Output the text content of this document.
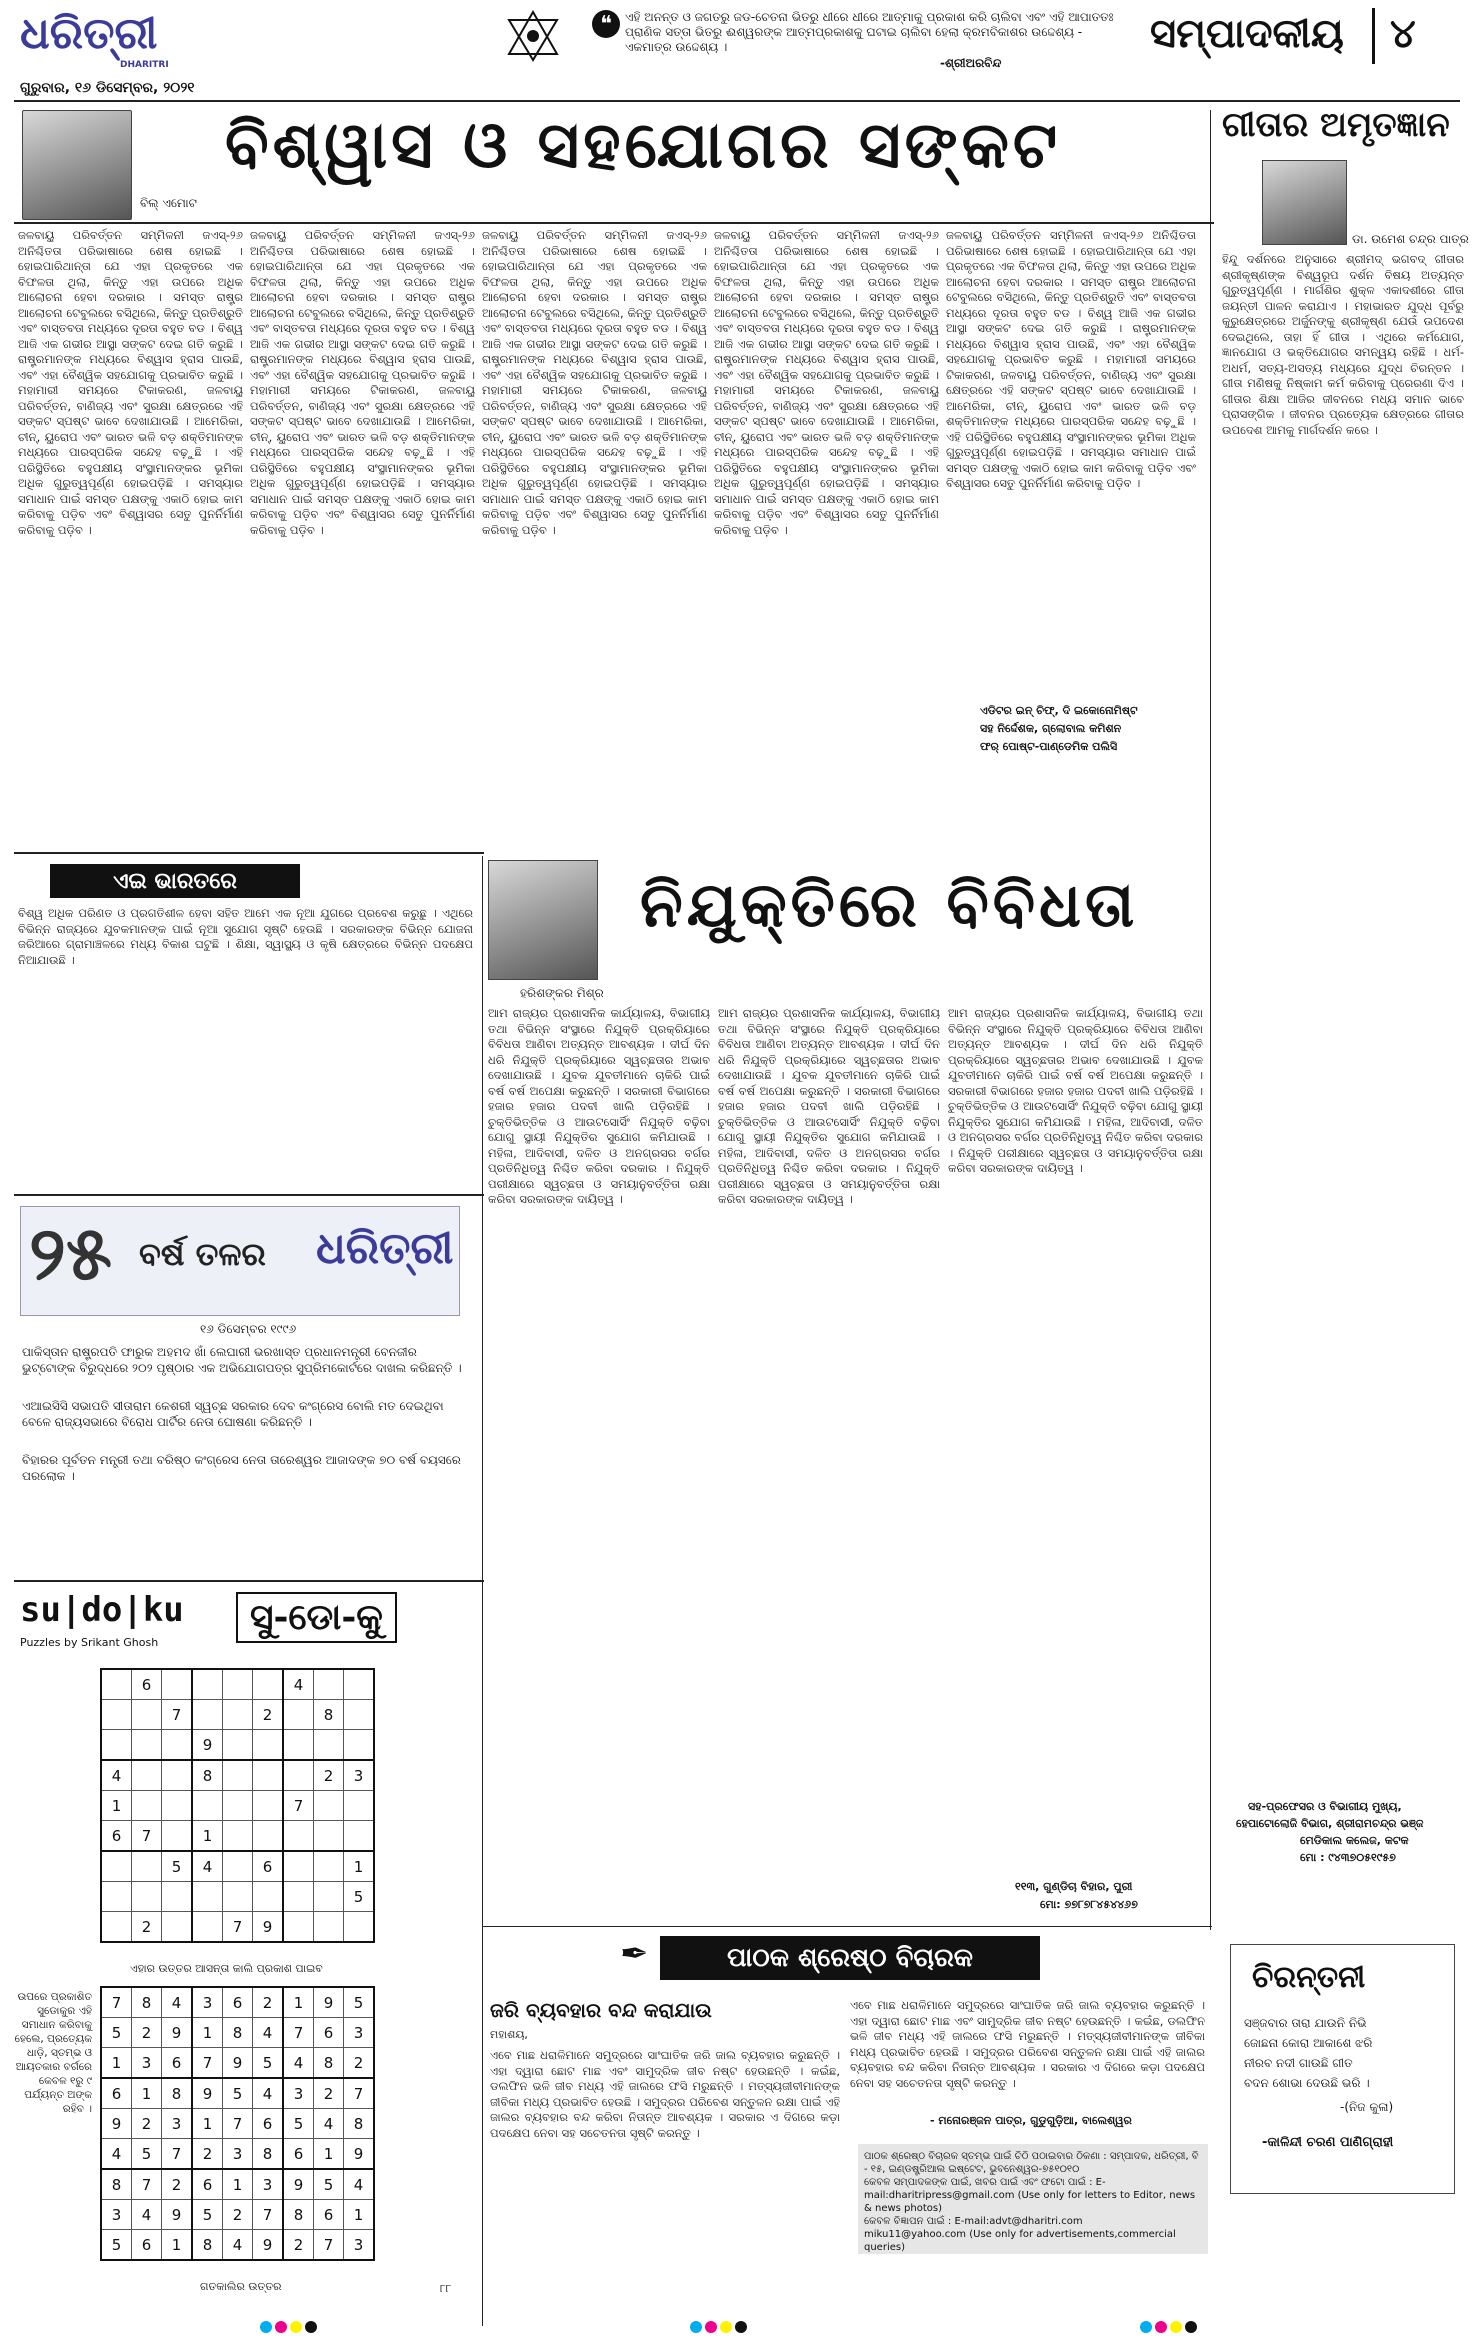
ଧରିତ୍ରୀ
DHARITRI
ଗୁରୁବାର, ୧୬ ଡିସେମ୍ବର, ୨୦୨୧
❝	ଏହି ଅନନ୍ତ ଓ ଜଗତରୁ ଜଡ-ଚେତନା ଭିତରୁ ଧୀରେ ଧୀରେ ଆତ୍ମାକୁ ପ୍ରକାଶ କରି ଚାଲିବା ଏବଂ ଏହି ଆପାତତଃ ପ୍ରାଣିକ ସତ୍ତା ଭିତରୁ ଈଶ୍ୱରଙ୍କ ଆତ୍ମପ୍ରକାଶକୁ ଘଟାଇ ଚାଲିବା ହେଲା କ୍ରମବିକାଶର ଉଦ୍ଦେଶ୍ୟ - ଏକମାତ୍ର ଉଦ୍ଦେଶ୍ୟ ।
-ଶ୍ରୀଅରବିନ୍ଦ
ସମ୍ପାଦକୀୟ ୪
ବିଲ୍ ଏମୋଟ
ବିଶ୍ୱାସ ଓ ସହଯୋଗର ସଙ୍କଟ
ଜଳବାୟୁ ପରିବର୍ତ୍ତନ ସମ୍ମିଳନୀ ଜଏସ୍-୨୬ ଅନିଶ୍ଚିତତା ପରିଭାଷାରେ ଶେଷ ହୋଇଛି । ହୋଇପାରିଥାନ୍ତା ଯେ ଏହା ପ୍ରକୃତରେ ଏକ ବିଫଳତା ଥିଲା, କିନ୍ତୁ ଏହା ଉପରେ ଅଧିକ ଆଲୋଚନା ହେବା ଦରକାର । ସମସ୍ତ ରାଷ୍ଟ୍ର ଆଲୋଚନା ଟେବୁଲରେ ବସିଥିଲେ, କିନ୍ତୁ ପ୍ରତିଶ୍ରୁତି ଏବଂ ବାସ୍ତବତା ମଧ୍ୟରେ ଦୂରତା ବହୁତ ବଡ । ବିଶ୍ୱ ଆଜି ଏକ ଗଭୀର ଆସ୍ଥା ସଙ୍କଟ ଦେଇ ଗତି କରୁଛି । ରାଷ୍ଟ୍ରମାନଙ୍କ ମଧ୍ୟରେ ବିଶ୍ୱାସ ହ୍ରାସ ପାଉଛି, ଏବଂ ଏହା ବୈଶ୍ୱିକ ସହଯୋଗକୁ ପ୍ରଭାବିତ କରୁଛି । ମହାମାରୀ ସମୟରେ ଟିକାକରଣ, ଜଳବାୟୁ ପରିବର୍ତ୍ତନ, ବାଣିଜ୍ୟ ଏବଂ ସୁରକ୍ଷା କ୍ଷେତ୍ରରେ ଏହି ସଙ୍କଟ ସ୍ପଷ୍ଟ ଭାବେ ଦେଖାଯାଉଛି । ଆମେରିକା, ଚୀନ୍, ୟୁରୋପ ଏବଂ ଭାରତ ଭଳି ବଡ଼ ଶକ୍ତିମାନଙ୍କ ମଧ୍ୟରେ ପାରସ୍ପରିକ ସନ୍ଦେହ ବଢ଼ୁଛି । ଏହି ପରିସ୍ଥିତିରେ ବହୁପକ୍ଷୀୟ ସଂସ୍ଥାମାନଙ୍କର ଭୂମିକା ଅଧିକ ଗୁରୁତ୍ୱପୂର୍ଣ୍ଣ ହୋଇପଡ଼ିଛି । ସମସ୍ୟାର ସମାଧାନ ପାଇଁ ସମସ୍ତ ପକ୍ଷଙ୍କୁ ଏକାଠି ହୋଇ କାମ କରିବାକୁ ପଡ଼ିବ ଏବଂ ବିଶ୍ୱାସର ସେତୁ ପୁନର୍ନିର୍ମାଣ କରିବାକୁ ପଡ଼ିବ ।
ଜଳବାୟୁ ପରିବର୍ତ୍ତନ ସମ୍ମିଳନୀ ଜଏସ୍-୨୬ ଅନିଶ୍ଚିତତା ପରିଭାଷାରେ ଶେଷ ହୋଇଛି । ହୋଇପାରିଥାନ୍ତା ଯେ ଏହା ପ୍ରକୃତରେ ଏକ ବିଫଳତା ଥିଲା, କିନ୍ତୁ ଏହା ଉପରେ ଅଧିକ ଆଲୋଚନା ହେବା ଦରକାର । ସମସ୍ତ ରାଷ୍ଟ୍ର ଆଲୋଚନା ଟେବୁଲରେ ବସିଥିଲେ, କିନ୍ତୁ ପ୍ରତିଶ୍ରୁତି ଏବଂ ବାସ୍ତବତା ମଧ୍ୟରେ ଦୂରତା ବହୁତ ବଡ । ବିଶ୍ୱ ଆଜି ଏକ ଗଭୀର ଆସ୍ଥା ସଙ୍କଟ ଦେଇ ଗତି କରୁଛି । ରାଷ୍ଟ୍ରମାନଙ୍କ ମଧ୍ୟରେ ବିଶ୍ୱାସ ହ୍ରାସ ପାଉଛି, ଏବଂ ଏହା ବୈଶ୍ୱିକ ସହଯୋଗକୁ ପ୍ରଭାବିତ କରୁଛି । ମହାମାରୀ ସମୟରେ ଟିକାକରଣ, ଜଳବାୟୁ ପରିବର୍ତ୍ତନ, ବାଣିଜ୍ୟ ଏବଂ ସୁରକ୍ଷା କ୍ଷେତ୍ରରେ ଏହି ସଙ୍କଟ ସ୍ପଷ୍ଟ ଭାବେ ଦେଖାଯାଉଛି । ଆମେରିକା, ଚୀନ୍, ୟୁରୋପ ଏବଂ ଭାରତ ଭଳି ବଡ଼ ଶକ୍ତିମାନଙ୍କ ମଧ୍ୟରେ ପାରସ୍ପରିକ ସନ୍ଦେହ ବଢ଼ୁଛି । ଏହି ପରିସ୍ଥିତିରେ ବହୁପକ୍ଷୀୟ ସଂସ୍ଥାମାନଙ୍କର ଭୂମିକା ଅଧିକ ଗୁରୁତ୍ୱପୂର୍ଣ୍ଣ ହୋଇପଡ଼ିଛି । ସମସ୍ୟାର ସମାଧାନ ପାଇଁ ସମସ୍ତ ପକ୍ଷଙ୍କୁ ଏକାଠି ହୋଇ କାମ କରିବାକୁ ପଡ଼ିବ ଏବଂ ବିଶ୍ୱାସର ସେତୁ ପୁନର୍ନିର୍ମାଣ କରିବାକୁ ପଡ଼ିବ ।
ଜଳବାୟୁ ପରିବର୍ତ୍ତନ ସମ୍ମିଳନୀ ଜଏସ୍-୨୬ ଅନିଶ୍ଚିତତା ପରିଭାଷାରେ ଶେଷ ହୋଇଛି । ହୋଇପାରିଥାନ୍ତା ଯେ ଏହା ପ୍ରକୃତରେ ଏକ ବିଫଳତା ଥିଲା, କିନ୍ତୁ ଏହା ଉପରେ ଅଧିକ ଆଲୋଚନା ହେବା ଦରକାର । ସମସ୍ତ ରାଷ୍ଟ୍ର ଆଲୋଚନା ଟେବୁଲରେ ବସିଥିଲେ, କିନ୍ତୁ ପ୍ରତିଶ୍ରୁତି ଏବଂ ବାସ୍ତବତା ମଧ୍ୟରେ ଦୂରତା ବହୁତ ବଡ । ବିଶ୍ୱ ଆଜି ଏକ ଗଭୀର ଆସ୍ଥା ସଙ୍କଟ ଦେଇ ଗତି କରୁଛି । ରାଷ୍ଟ୍ରମାନଙ୍କ ମଧ୍ୟରେ ବିଶ୍ୱାସ ହ୍ରାସ ପାଉଛି, ଏବଂ ଏହା ବୈଶ୍ୱିକ ସହଯୋଗକୁ ପ୍ରଭାବିତ କରୁଛି । ମହାମାରୀ ସମୟରେ ଟିକାକରଣ, ଜଳବାୟୁ ପରିବର୍ତ୍ତନ, ବାଣିଜ୍ୟ ଏବଂ ସୁରକ୍ଷା କ୍ଷେତ୍ରରେ ଏହି ସଙ୍କଟ ସ୍ପଷ୍ଟ ଭାବେ ଦେଖାଯାଉଛି । ଆମେରିକା, ଚୀନ୍, ୟୁରୋପ ଏବଂ ଭାରତ ଭଳି ବଡ଼ ଶକ୍ତିମାନଙ୍କ ମଧ୍ୟରେ ପାରସ୍ପରିକ ସନ୍ଦେହ ବଢ଼ୁଛି । ଏହି ପରିସ୍ଥିତିରେ ବହୁପକ୍ଷୀୟ ସଂସ୍ଥାମାନଙ୍କର ଭୂମିକା ଅଧିକ ଗୁରୁତ୍ୱପୂର୍ଣ୍ଣ ହୋଇପଡ଼ିଛି । ସମସ୍ୟାର ସମାଧାନ ପାଇଁ ସମସ୍ତ ପକ୍ଷଙ୍କୁ ଏକାଠି ହୋଇ କାମ କରିବାକୁ ପଡ଼ିବ ଏବଂ ବିଶ୍ୱାସର ସେତୁ ପୁନର୍ନିର୍ମାଣ କରିବାକୁ ପଡ଼ିବ ।
ଜଳବାୟୁ ପରିବର୍ତ୍ତନ ସମ୍ମିଳନୀ ଜଏସ୍-୨୬ ଅନିଶ୍ଚିତତା ପରିଭାଷାରେ ଶେଷ ହୋଇଛି । ହୋଇପାରିଥାନ୍ତା ଯେ ଏହା ପ୍ରକୃତରେ ଏକ ବିଫଳତା ଥିଲା, କିନ୍ତୁ ଏହା ଉପରେ ଅଧିକ ଆଲୋଚନା ହେବା ଦରକାର । ସମସ୍ତ ରାଷ୍ଟ୍ର ଆଲୋଚନା ଟେବୁଲରେ ବସିଥିଲେ, କିନ୍ତୁ ପ୍ରତିଶ୍ରୁତି ଏବଂ ବାସ୍ତବତା ମଧ୍ୟରେ ଦୂରତା ବହୁତ ବଡ । ବିଶ୍ୱ ଆଜି ଏକ ଗଭୀର ଆସ୍ଥା ସଙ୍କଟ ଦେଇ ଗତି କରୁଛି । ରାଷ୍ଟ୍ରମାନଙ୍କ ମଧ୍ୟରେ ବିଶ୍ୱାସ ହ୍ରାସ ପାଉଛି, ଏବଂ ଏହା ବୈଶ୍ୱିକ ସହଯୋଗକୁ ପ୍ରଭାବିତ କରୁଛି । ମହାମାରୀ ସମୟରେ ଟିକାକରଣ, ଜଳବାୟୁ ପରିବର୍ତ୍ତନ, ବାଣିଜ୍ୟ ଏବଂ ସୁରକ୍ଷା କ୍ଷେତ୍ରରେ ଏହି ସଙ୍କଟ ସ୍ପଷ୍ଟ ଭାବେ ଦେଖାଯାଉଛି । ଆମେରିକା, ଚୀନ୍, ୟୁରୋପ ଏବଂ ଭାରତ ଭଳି ବଡ଼ ଶକ୍ତିମାନଙ୍କ ମଧ୍ୟରେ ପାରସ୍ପରିକ ସନ୍ଦେହ ବଢ଼ୁଛି । ଏହି ପରିସ୍ଥିତିରେ ବହୁପକ୍ଷୀୟ ସଂସ୍ଥାମାନଙ୍କର ଭୂମିକା ଅଧିକ ଗୁରୁତ୍ୱପୂର୍ଣ୍ଣ ହୋଇପଡ଼ିଛି । ସମସ୍ୟାର ସମାଧାନ ପାଇଁ ସମସ୍ତ ପକ୍ଷଙ୍କୁ ଏକାଠି ହୋଇ କାମ କରିବାକୁ ପଡ଼ିବ ଏବଂ ବିଶ୍ୱାସର ସେତୁ ପୁନର୍ନିର୍ମାଣ କରିବାକୁ ପଡ଼ିବ ।
ଜଳବାୟୁ ପରିବର୍ତ୍ତନ ସମ୍ମିଳନୀ ଜଏସ୍-୨୬ ଅନିଶ୍ଚିତତା ପରିଭାଷାରେ ଶେଷ ହୋଇଛି । ହୋଇପାରିଥାନ୍ତା ଯେ ଏହା ପ୍ରକୃତରେ ଏକ ବିଫଳତା ଥିଲା, କିନ୍ତୁ ଏହା ଉପରେ ଅଧିକ ଆଲୋଚନା ହେବା ଦରକାର । ସମସ୍ତ ରାଷ୍ଟ୍ର ଆଲୋଚନା ଟେବୁଲରେ ବସିଥିଲେ, କିନ୍ତୁ ପ୍ରତିଶ୍ରୁତି ଏବଂ ବାସ୍ତବତା ମଧ୍ୟରେ ଦୂରତା ବହୁତ ବଡ । ବିଶ୍ୱ ଆଜି ଏକ ଗଭୀର ଆସ୍ଥା ସଙ୍କଟ ଦେଇ ଗତି କରୁଛି । ରାଷ୍ଟ୍ରମାନଙ୍କ ମଧ୍ୟରେ ବିଶ୍ୱାସ ହ୍ରାସ ପାଉଛି, ଏବଂ ଏହା ବୈଶ୍ୱିକ ସହଯୋଗକୁ ପ୍ରଭାବିତ କରୁଛି । ମହାମାରୀ ସମୟରେ ଟିକାକରଣ, ଜଳବାୟୁ ପରିବର୍ତ୍ତନ, ବାଣିଜ୍ୟ ଏବଂ ସୁରକ୍ଷା କ୍ଷେତ୍ରରେ ଏହି ସଙ୍କଟ ସ୍ପଷ୍ଟ ଭାବେ ଦେଖାଯାଉଛି । ଆମେରିକା, ଚୀନ୍, ୟୁରୋପ ଏବଂ ଭାରତ ଭଳି ବଡ଼ ଶକ୍ତିମାନଙ୍କ ମଧ୍ୟରେ ପାରସ୍ପରିକ ସନ୍ଦେହ ବଢ଼ୁଛି । ଏହି ପରିସ୍ଥିତିରେ ବହୁପକ୍ଷୀୟ ସଂସ୍ଥାମାନଙ୍କର ଭୂମିକା ଅଧିକ ଗୁରୁତ୍ୱପୂର୍ଣ୍ଣ ହୋଇପଡ଼ିଛି । ସମସ୍ୟାର ସମାଧାନ ପାଇଁ ସମସ୍ତ ପକ୍ଷଙ୍କୁ ଏକାଠି ହୋଇ କାମ କରିବାକୁ ପଡ଼ିବ ଏବଂ ବିଶ୍ୱାସର ସେତୁ ପୁନର୍ନିର୍ମାଣ କରିବାକୁ ପଡ଼ିବ ।
ଏଡିଟର ଇନ୍ ଚିଫ୍, ଦି ଇକୋନୋମିଷ୍ଟ
ସହ ନିର୍ଦ୍ଦେଶକ, ଗ୍ଲୋବାଲ କମିଶନ
ଫର୍ ପୋଷ୍ଟ-ପାଣ୍ଡେମିକ ପଲିସି
ଗୀତାର ଅମୃତଜ୍ଞାନ
ଡା. ଉମେଶ ଚନ୍ଦ୍ର ପାତ୍ର
ହିନ୍ଦୁ ଦର୍ଶନରେ ଅନୁସାରେ ଶ୍ରୀମଦ୍ ଭଗବଦ୍ ଗୀତାର ଶ୍ରୀକୃଷ୍ଣଙ୍କ ବିଶ୍ୱରୂପ ଦର୍ଶନ ବିଷୟ ଅତ୍ୟନ୍ତ ଗୁରୁତ୍ୱପୂର୍ଣ୍ଣ । ମାର୍ଗଶିର ଶୁକ୍ଳ ଏକାଦଶୀରେ ଗୀତା ଜୟନ୍ତୀ ପାଳନ କରାଯାଏ । ମହାଭାରତ ଯୁଦ୍ଧ ପୂର୍ବରୁ କୁରୁକ୍ଷେତ୍ରରେ ଅର୍ଜୁନଙ୍କୁ ଶ୍ରୀକୃଷ୍ଣ ଯେଉଁ ଉପଦେଶ ଦେଇଥିଲେ, ତାହା ହିଁ ଗୀତା । ଏଥିରେ କର୍ମଯୋଗ, ଜ୍ଞାନଯୋଗ ଓ ଭକ୍ତିଯୋଗର ସମନ୍ୱୟ ରହିଛି । ଧର୍ମ-ଅଧର୍ମ, ସତ୍ୟ-ଅସତ୍ୟ ମଧ୍ୟରେ ଯୁଦ୍ଧ ଚିରନ୍ତନ । ଗୀତା ମଣିଷକୁ ନିଷ୍କାମ କର୍ମ କରିବାକୁ ପ୍ରେରଣା ଦିଏ । ଗୀତାର ଶିକ୍ଷା ଆଜିର ଜୀବନରେ ମଧ୍ୟ ସମାନ ଭାବେ ପ୍ରାସଙ୍ଗିକ । ଜୀବନର ପ୍ରତ୍ୟେକ କ୍ଷେତ୍ରରେ ଗୀତାର ଉପଦେଶ ଆମକୁ ମାର୍ଗଦର୍ଶନ କରେ ।
ସହ-ପ୍ରଫେସର ଓ ବିଭାଗୀୟ ମୁଖ୍ୟ,
ହେପାଟୋଲୋଜି ବିଭାଗ, ଶ୍ରୀରାମଚନ୍ଦ୍ର ଭଞ୍ଜ
ମେଡିକାଲ କଲେଜ, କଟକ
ମୋ : ୯୪୩୭୦୫୧୯୫୭
ଏଇ ଭାରତରେ
ବିଶ୍ୱ ଅଧିକ ପରିଣତ ଓ ପ୍ରଗତିଶୀଳ ହେବା ସହିତ ଆମେ ଏକ ନୂଆ ଯୁଗରେ ପ୍ରବେଶ କରୁଛୁ । ଏଥିରେ ବିଭିନ୍ନ ରାଜ୍ୟରେ ଯୁବକମାନଙ୍କ ପାଇଁ ନୂଆ ସୁଯୋଗ ସୃଷ୍ଟି ହେଉଛି । ସରକାରଙ୍କ ବିଭିନ୍ନ ଯୋଜନା ଜରିଆରେ ଗ୍ରାମାଞ୍ଚଳରେ ମଧ୍ୟ ବିକାଶ ଘଟୁଛି । ଶିକ୍ଷା, ସ୍ୱାସ୍ଥ୍ୟ ଓ କୃଷି କ୍ଷେତ୍ରରେ ବିଭିନ୍ନ ପଦକ୍ଷେପ ନିଆଯାଉଛି ।
୨୫ ବର୍ଷ ତଳର ଧରିତ୍ରୀ
୧୬ ଡିସେମ୍ବର ୧୯୯୬
ପାକିସ୍ତାନ ରାଷ୍ଟ୍ରପତି ଫାରୁକ ଅହମଦ ଖାଁ ଲେଘାରୀ ଭରଖାସ୍ତ ପ୍ରଧାନମନ୍ତ୍ରୀ ବେନଜୀର ଭୁଟ୍ଟୋଙ୍କ ବିରୁଦ୍ଧରେ ୨୦୨ ପୃଷ୍ଠାର ଏକ ଅଭିଯୋଗପତ୍ର ସୁପ୍ରିମକୋର୍ଟରେ ଦାଖଲ କରିଛନ୍ତି ।
ଏଆଇସିସି ସଭାପତି ସୀତାରାମ କେଶରୀ ସ୍ୱଚ୍ଛ ସରକାର ଦେବ କଂଗ୍ରେସ ବୋଲି ମତ ଦେଇଥିବା ବେଳେ ରାଜ୍ୟସଭାରେ ବିରୋଧ ପାର୍ଟିର ନେତା ଘୋଷଣା କରିଛନ୍ତି ।
ବିହାରର ପୂର୍ବତନ ମନ୍ତ୍ରୀ ତଥା ବରିଷ୍ଠ କଂଗ୍ରେସ ନେତା ତାରେଶ୍ୱର ଆଜାଦଙ୍କ ୭୦ ବର୍ଷ ବୟସରେ ପରଲୋକ ।
su|do|ku
Puzzles by Srikant Ghosh
ସୁ-ଡୋ-କୁ
	6					4		
		7			2		8	
			9					
4			8				2	3
1						7		
6	7		1					
		5	4		6			1
								5
	2			7	9			
ଏହାର ଉତ୍ତର ଆସନ୍ତା କାଲି ପ୍ରକାଶ ପାଇବ
ଉପରେ ପ୍ରକାଶିତ ସୁଡୋକୁର ଏହି ସମାଧାନ କରିବାକୁ ହେଲେ, ପ୍ରତ୍ୟେକ ଧାଡ଼ି, ସ୍ତମ୍ଭ ଓ ଆୟତକାର ବର୍ଗରେ କେବଳ ୧ରୁ ୯ ପର୍ଯ୍ୟନ୍ତ ଅଙ୍କ ରହିବ ।
7	8	4	3	6	2	1	9	5
5	2	9	1	8	4	7	6	3
1	3	6	7	9	5	4	8	2
6	1	8	9	5	4	3	2	7
9	2	3	1	7	6	5	4	8
4	5	7	2	3	8	6	1	9
8	7	2	6	1	3	9	5	4
3	4	9	5	2	7	8	6	1
5	6	1	8	4	9	2	7	3
ଗତକାଲିର ଉତ୍ତର	୮୮
ହରିଶଙ୍କର ମିଶ୍ର
ନିଯୁକ୍ତିରେ ବିବିଧତା
ଆମ ରାଜ୍ୟର ପ୍ରଶାସନିକ କାର୍ଯ୍ୟାଳୟ, ବିଭାଗୀୟ ତଥା ବିଭିନ୍ନ ସଂସ୍ଥାରେ ନିଯୁକ୍ତି ପ୍ରକ୍ରିୟାରେ ବିବିଧତା ଆଣିବା ଅତ୍ୟନ୍ତ ଆବଶ୍ୟକ । ଦୀର୍ଘ ଦିନ ଧରି ନିଯୁକ୍ତି ପ୍ରକ୍ରିୟାରେ ସ୍ୱଚ୍ଛତାର ଅଭାବ ଦେଖାଯାଉଛି । ଯୁବକ ଯୁବତୀମାନେ ଚାକିରି ପାଇଁ ବର୍ଷ ବର୍ଷ ଅପେକ୍ଷା କରୁଛନ୍ତି । ସରକାରୀ ବିଭାଗରେ ହଜାର ହଜାର ପଦବୀ ଖାଲି ପଡ଼ିରହିଛି । ଚୁକ୍ତିଭିତ୍ତିକ ଓ ଆଉଟସୋର୍ସିଂ ନିଯୁକ୍ତି ବଢ଼ିବା ଯୋଗୁ ସ୍ଥାୟୀ ନିଯୁକ୍ତିର ସୁଯୋଗ କମିଯାଉଛି । ମହିଳା, ଆଦିବାସୀ, ଦଳିତ ଓ ଅନଗ୍ରସର ବର୍ଗର ପ୍ରତିନିଧିତ୍ୱ ନିଶ୍ଚିତ କରିବା ଦରକାର । ନିଯୁକ୍ତି ପରୀକ୍ଷାରେ ସ୍ୱଚ୍ଛତା ଓ ସମୟାନୁବର୍ତ୍ତିତା ରକ୍ଷା କରିବା ସରକାରଙ୍କ ଦାୟିତ୍ୱ ।
ଆମ ରାଜ୍ୟର ପ୍ରଶାସନିକ କାର୍ଯ୍ୟାଳୟ, ବିଭାଗୀୟ ତଥା ବିଭିନ୍ନ ସଂସ୍ଥାରେ ନିଯୁକ୍ତି ପ୍ରକ୍ରିୟାରେ ବିବିଧତା ଆଣିବା ଅତ୍ୟନ୍ତ ଆବଶ୍ୟକ । ଦୀର୍ଘ ଦିନ ଧରି ନିଯୁକ୍ତି ପ୍ରକ୍ରିୟାରେ ସ୍ୱଚ୍ଛତାର ଅଭାବ ଦେଖାଯାଉଛି । ଯୁବକ ଯୁବତୀମାନେ ଚାକିରି ପାଇଁ ବର୍ଷ ବର୍ଷ ଅପେକ୍ଷା କରୁଛନ୍ତି । ସରକାରୀ ବିଭାଗରେ ହଜାର ହଜାର ପଦବୀ ଖାଲି ପଡ଼ିରହିଛି । ଚୁକ୍ତିଭିତ୍ତିକ ଓ ଆଉଟସୋର୍ସିଂ ନିଯୁକ୍ତି ବଢ଼ିବା ଯୋଗୁ ସ୍ଥାୟୀ ନିଯୁକ୍ତିର ସୁଯୋଗ କମିଯାଉଛି । ମହିଳା, ଆଦିବାସୀ, ଦଳିତ ଓ ଅନଗ୍ରସର ବର୍ଗର ପ୍ରତିନିଧିତ୍ୱ ନିଶ୍ଚିତ କରିବା ଦରକାର । ନିଯୁକ୍ତି ପରୀକ୍ଷାରେ ସ୍ୱଚ୍ଛତା ଓ ସମୟାନୁବର୍ତ୍ତିତା ରକ୍ଷା କରିବା ସରକାରଙ୍କ ଦାୟିତ୍ୱ ।
ଆମ ରାଜ୍ୟର ପ୍ରଶାସନିକ କାର୍ଯ୍ୟାଳୟ, ବିଭାଗୀୟ ତଥା ବିଭିନ୍ନ ସଂସ୍ଥାରେ ନିଯୁକ୍ତି ପ୍ରକ୍ରିୟାରେ ବିବିଧତା ଆଣିବା ଅତ୍ୟନ୍ତ ଆବଶ୍ୟକ । ଦୀର୍ଘ ଦିନ ଧରି ନିଯୁକ୍ତି ପ୍ରକ୍ରିୟାରେ ସ୍ୱଚ୍ଛତାର ଅଭାବ ଦେଖାଯାଉଛି । ଯୁବକ ଯୁବତୀମାନେ ଚାକିରି ପାଇଁ ବର୍ଷ ବର୍ଷ ଅପେକ୍ଷା କରୁଛନ୍ତି । ସରକାରୀ ବିଭାଗରେ ହଜାର ହଜାର ପଦବୀ ଖାଲି ପଡ଼ିରହିଛି । ଚୁକ୍ତିଭିତ୍ତିକ ଓ ଆଉଟସୋର୍ସିଂ ନିଯୁକ୍ତି ବଢ଼ିବା ଯୋଗୁ ସ୍ଥାୟୀ ନିଯୁକ୍ତିର ସୁଯୋଗ କମିଯାଉଛି । ମହିଳା, ଆଦିବାସୀ, ଦଳିତ ଓ ଅନଗ୍ରସର ବର୍ଗର ପ୍ରତିନିଧିତ୍ୱ ନିଶ୍ଚିତ କରିବା ଦରକାର । ନିଯୁକ୍ତି ପରୀକ୍ଷାରେ ସ୍ୱଚ୍ଛତା ଓ ସମୟାନୁବର୍ତ୍ତିତା ରକ୍ଷା କରିବା ସରକାରଙ୍କ ଦାୟିତ୍ୱ ।
୧୧୩, ଗୁଣ୍ଡିଚା ବିହାର, ପୁରୀ
ମୋ: ୭୭୮୭୮୪୫୪୪୬୭
✒	ପାଠକ ଶ୍ରେଷ୍ଠ ବିଚାରକ
ଜରି ବ୍ୟବହାର ବନ୍ଦ କରାଯାଉ
ମହାଶୟ,
ଏବେ ମାଛ ଧରାଳିମାନେ ସମୁଦ୍ରରେ ସାଂଘାତିକ ଜରି ଜାଲ ବ୍ୟବହାର କରୁଛନ୍ତି । ଏହା ଦ୍ୱାରା ଛୋଟ ମାଛ ଏବଂ ସାମୁଦ୍ରିକ ଜୀବ ନଷ୍ଟ ହେଉଛନ୍ତି । କଇଁଛ, ଡଲଫିନ ଭଳି ଜୀବ ମଧ୍ୟ ଏହି ଜାଲରେ ଫସି ମରୁଛନ୍ତି । ମତ୍ସ୍ୟଜୀବୀମାନଙ୍କ ଜୀବିକା ମଧ୍ୟ ପ୍ରଭାବିତ ହେଉଛି । ସମୁଦ୍ରର ପରିବେଶ ସନ୍ତୁଳନ ରକ୍ଷା ପାଇଁ ଏହି ଜାଲର ବ୍ୟବହାର ବନ୍ଦ କରିବା ନିତାନ୍ତ ଆବଶ୍ୟକ । ସରକାର ଏ ଦିଗରେ କଡ଼ା ପଦକ୍ଷେପ ନେବା ସହ ସଚେତନତା ସୃଷ୍ଟି କରନ୍ତୁ ।
ଏବେ ମାଛ ଧରାଳିମାନେ ସମୁଦ୍ରରେ ସାଂଘାତିକ ଜରି ଜାଲ ବ୍ୟବହାର କରୁଛନ୍ତି । ଏହା ଦ୍ୱାରା ଛୋଟ ମାଛ ଏବଂ ସାମୁଦ୍ରିକ ଜୀବ ନଷ୍ଟ ହେଉଛନ୍ତି । କଇଁଛ, ଡଲଫିନ ଭଳି ଜୀବ ମଧ୍ୟ ଏହି ଜାଲରେ ଫସି ମରୁଛନ୍ତି । ମତ୍ସ୍ୟଜୀବୀମାନଙ୍କ ଜୀବିକା ମଧ୍ୟ ପ୍ରଭାବିତ ହେଉଛି । ସମୁଦ୍ରର ପରିବେଶ ସନ୍ତୁଳନ ରକ୍ଷା ପାଇଁ ଏହି ଜାଲର ବ୍ୟବହାର ବନ୍ଦ କରିବା ନିତାନ୍ତ ଆବଶ୍ୟକ । ସରକାର ଏ ଦିଗରେ କଡ଼ା ପଦକ୍ଷେପ ନେବା ସହ ସଚେତନତା ସୃଷ୍ଟି କରନ୍ତୁ ।
- ମନୋରଞ୍ଜନ ପାତ୍ର, ଗୁଡୁଗୁଡ଼ିଆ, ବାଲେଶ୍ୱର
ପାଠକ ଶ୍ରେଷ୍ଠ ବିଚାରକ ସ୍ତମ୍ଭ ପାଇଁ ଚିଠି ପଠାଇବାର ଠିକଣା : ସମ୍ପାଦକ, ଧରିତ୍ରୀ, ବି - ୧୫, ଇଣ୍ଡଷ୍ଟ୍ରିଆଲ ଇଷ୍ଟେଟ, ଭୁବନେଶ୍ୱର-୭୫୧୦୧୦
କେବଳ ସମ୍ପାଦକଙ୍କ ପାଇଁ, ଖବର ପାଇଁ ଏବଂ ଫଟୋ ପାଇଁ : E-mail:dharitripress@gmail.com (Use only for letters to Editor, news & news photos)
କେବଳ ବିଜ୍ଞାପନ ପାଇଁ : E-mail:advt@dharitri.com
miku11@yahoo.com (Use only for advertisements,commercial queries)
ଚିରନ୍ତନୀ
ସଞ୍ଜବାର ତାରା ଯାଉନି ନିଭି
ଜୋଛନା କୋରା ଆକାଶେ ଝରି
ନୀରବ ନଦୀ ଗାଉଛି ଗୀତ
ବଦନ ଶୋଭା ଦେଉଛି ଭରି ।
-(ନିଜ କୁଳା)
-କାଳିନ୍ଦୀ ଚରଣ ପାଣିଗ୍ରାହୀ
